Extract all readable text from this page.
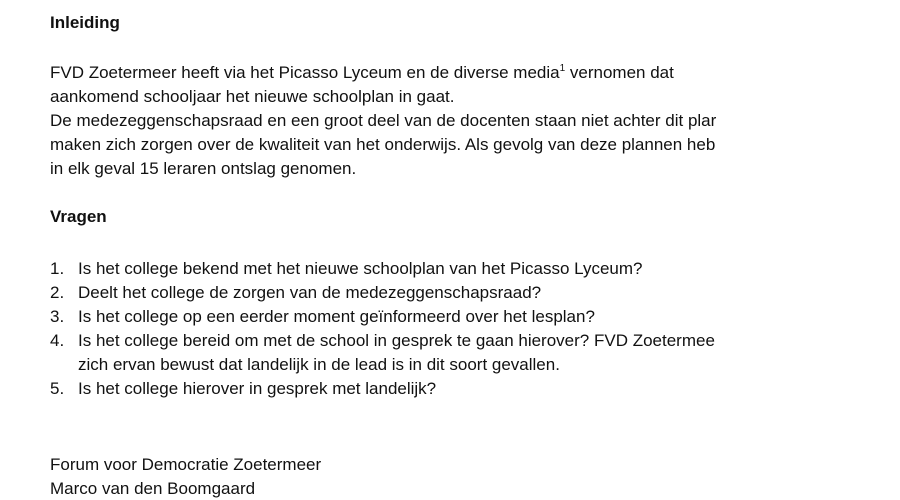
Inleiding
FVD Zoetermeer heeft via het Picasso Lyceum en de diverse media$^1$ vernomen dat
aankomend schooljaar het nieuwe schoolplan in gaat.
De medezeggenschapsraad en een groot deel van de docenten staan niet achter dit plar
maken zich zorgen over de kwaliteit van het onderwijs. Als gevolg van deze plannen heb
in elk geval 15 leraren ontslag genomen.
Vragen
1. Is het college bekend met het nieuwe schoolplan van het Picasso Lyceum?
2. Deelt het college de zorgen van de medezeggenschapsraad?
3. Is het college op een eerder moment geïnformeerd over het lesplan?
4. Is het college bereid om met de school in gesprek te gaan hierover? FVD Zoetermee
zich ervan bewust dat landelijk in de lead is in dit soort gevallen.
5. Is het college hierover in gesprek met landelijk?
Forum voor Democratie Zoetermeer
Marco van den Boomgaard
